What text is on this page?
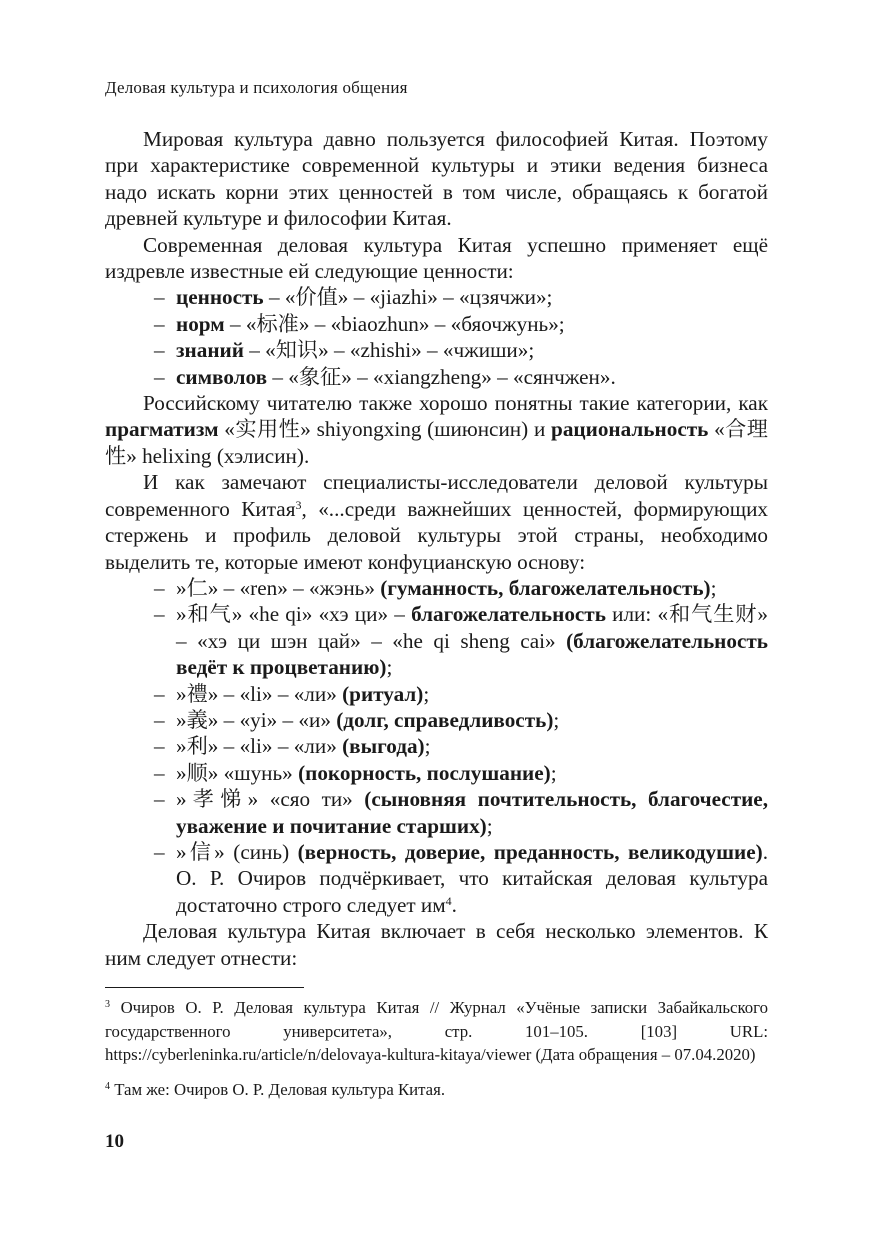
Деловая культура и психология общения

Мировая культура давно пользуется философией Китая. Поэтому при характеристике современной культуры и этики ведения бизнеса надо искать корни этих ценностей в том числе, обращаясь к богатой древней культуре и философии Китая.

Современная деловая культура Китая успешно применяет ещё издревле известные ей следующие ценности:

– ценность – «价值» – «jiazhi» – «цзячжи»;
– норм – «标准» – «biaozhun» – «бяочжунь»;
– знаний – «知识» – «zhishi» – «чжиши»;
– символов – «象征» – «xiangzheng» – «сянчжен».

Российскому читателю также хорошо понятны такие категории, как прагматизм «实用性» shiyongxing (шиюнсин) и рациональность «合理性» helixing (хэлисин).

И как замечают специалисты-исследователи деловой культуры современного Китая$^3$, «...среди важнейших ценностей, формирующих стержень и профиль деловой культуры этой страны, необходимо выделить те, которые имеют конфуцианскую основу:

– »仁» – «ren» – «жэнь» (гуманность, благожелательность);
– »和气» «he qi» «хэ ци» – благожелательность или: «和气生财» – «хэ ци шэн цай» – «he qi sheng cai» (благожелательность ведёт к процветанию);
– »禮» – «li» – «ли» (ритуал);
– »義» – «yi» – «и» (долг, справедливость);
– »利» – «li» – «ли» (выгода);
– »顺» «шунь» (покорность, послушание);
– »孝悌» «сяо ти» (сыновняя почтительность, благочестие, уважение и почитание старших);
– »信» (синь) (верность, доверие, преданность, великодушие). О. Р. Очиров подчёркивает, что китайская деловая культура достаточно строго следует $им^4$.

Деловая культура Китая включает в себя несколько элементов. К ним следует отнести:

$^3$ Очиров О. Р. Деловая культура Китая // Журнал «Учёные записки Забайкальского государственного университета», стр. 101–105. [103] URL: https://cyberleninka.ru/article/n/delovaya-kultura-kitaya/viewer (Дата обращения – 07.04.2020)

$^4$ Там же: Очиров О. Р. Деловая культура Китая.

10
